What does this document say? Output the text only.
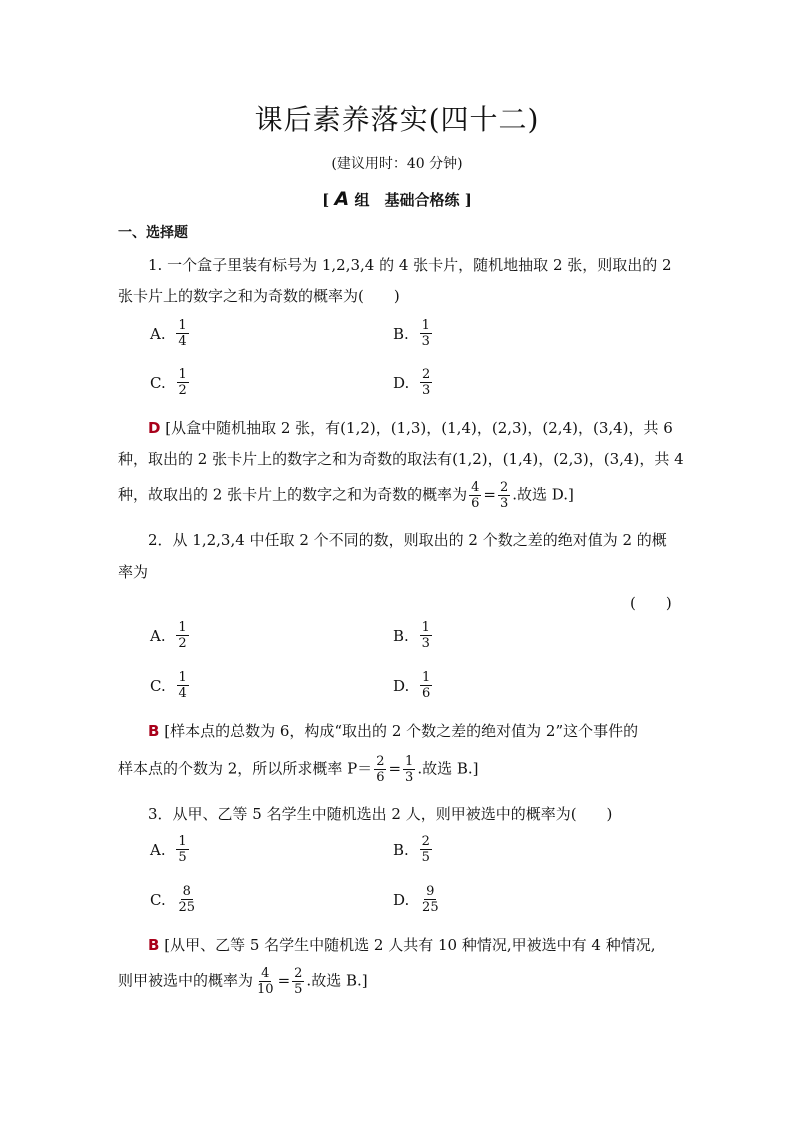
课后素养落实(四十二)
(建议用时：40 分钟)
[ A 组　基础合格练 ]
一、选择题
1. 一个盒子里装有标号为 1,2,3,4 的 4 张卡片，随机地抽取 2 张，则取出的 2
张卡片上的数字之和为奇数的概率为(　　)
A. $\frac{1}{4}$	B. $\frac{1}{3}$
C. $\frac{1}{2}$	D. $\frac{2}{3}$
D [从盒中随机抽取 2 张，有(1,2)，(1,3)，(1,4)，(2,3)，(2,4)，(3,4)，共 6
种，取出的 2 张卡片上的数字之和为奇数的取法有(1,2)，(1,4)，(2,3)，(3,4)，共 4
种，故取出的 2 张卡片上的数字之和为奇数的概率为 $\frac{4}{6} = \frac{2}{3}$ .故选 D.]
2．从 1,2,3,4 中任取 2 个不同的数，则取出的 2 个数之差的绝对值为 2 的概
率为
(　　)
A. $\frac{1}{2}$	B. $\frac{1}{3}$
C. $\frac{1}{4}$	D. $\frac{1}{6}$
B [样本点的总数为 6，构成“取出的 2 个数之差的绝对值为 2”这个事件的
样本点的个数为 2，所以所求概率 $P= \frac{2}{6} = \frac{1}{3}$ .故选 B.]
3．从甲、乙等 5 名学生中随机选出 2 人，则甲被选中的概率为(　　)
A. $\frac{1}{5}$	B. $\frac{2}{5}$
C. $\frac{8}{25}$	D. $\frac{9}{25}$
B [从甲、乙等 5 名学生中随机选 2 人共有 10 种情况,甲被选中有 4 种情况,
则甲被选中的概率为 $\frac{4}{10} = \frac{2}{5}$ .故选 B.]
